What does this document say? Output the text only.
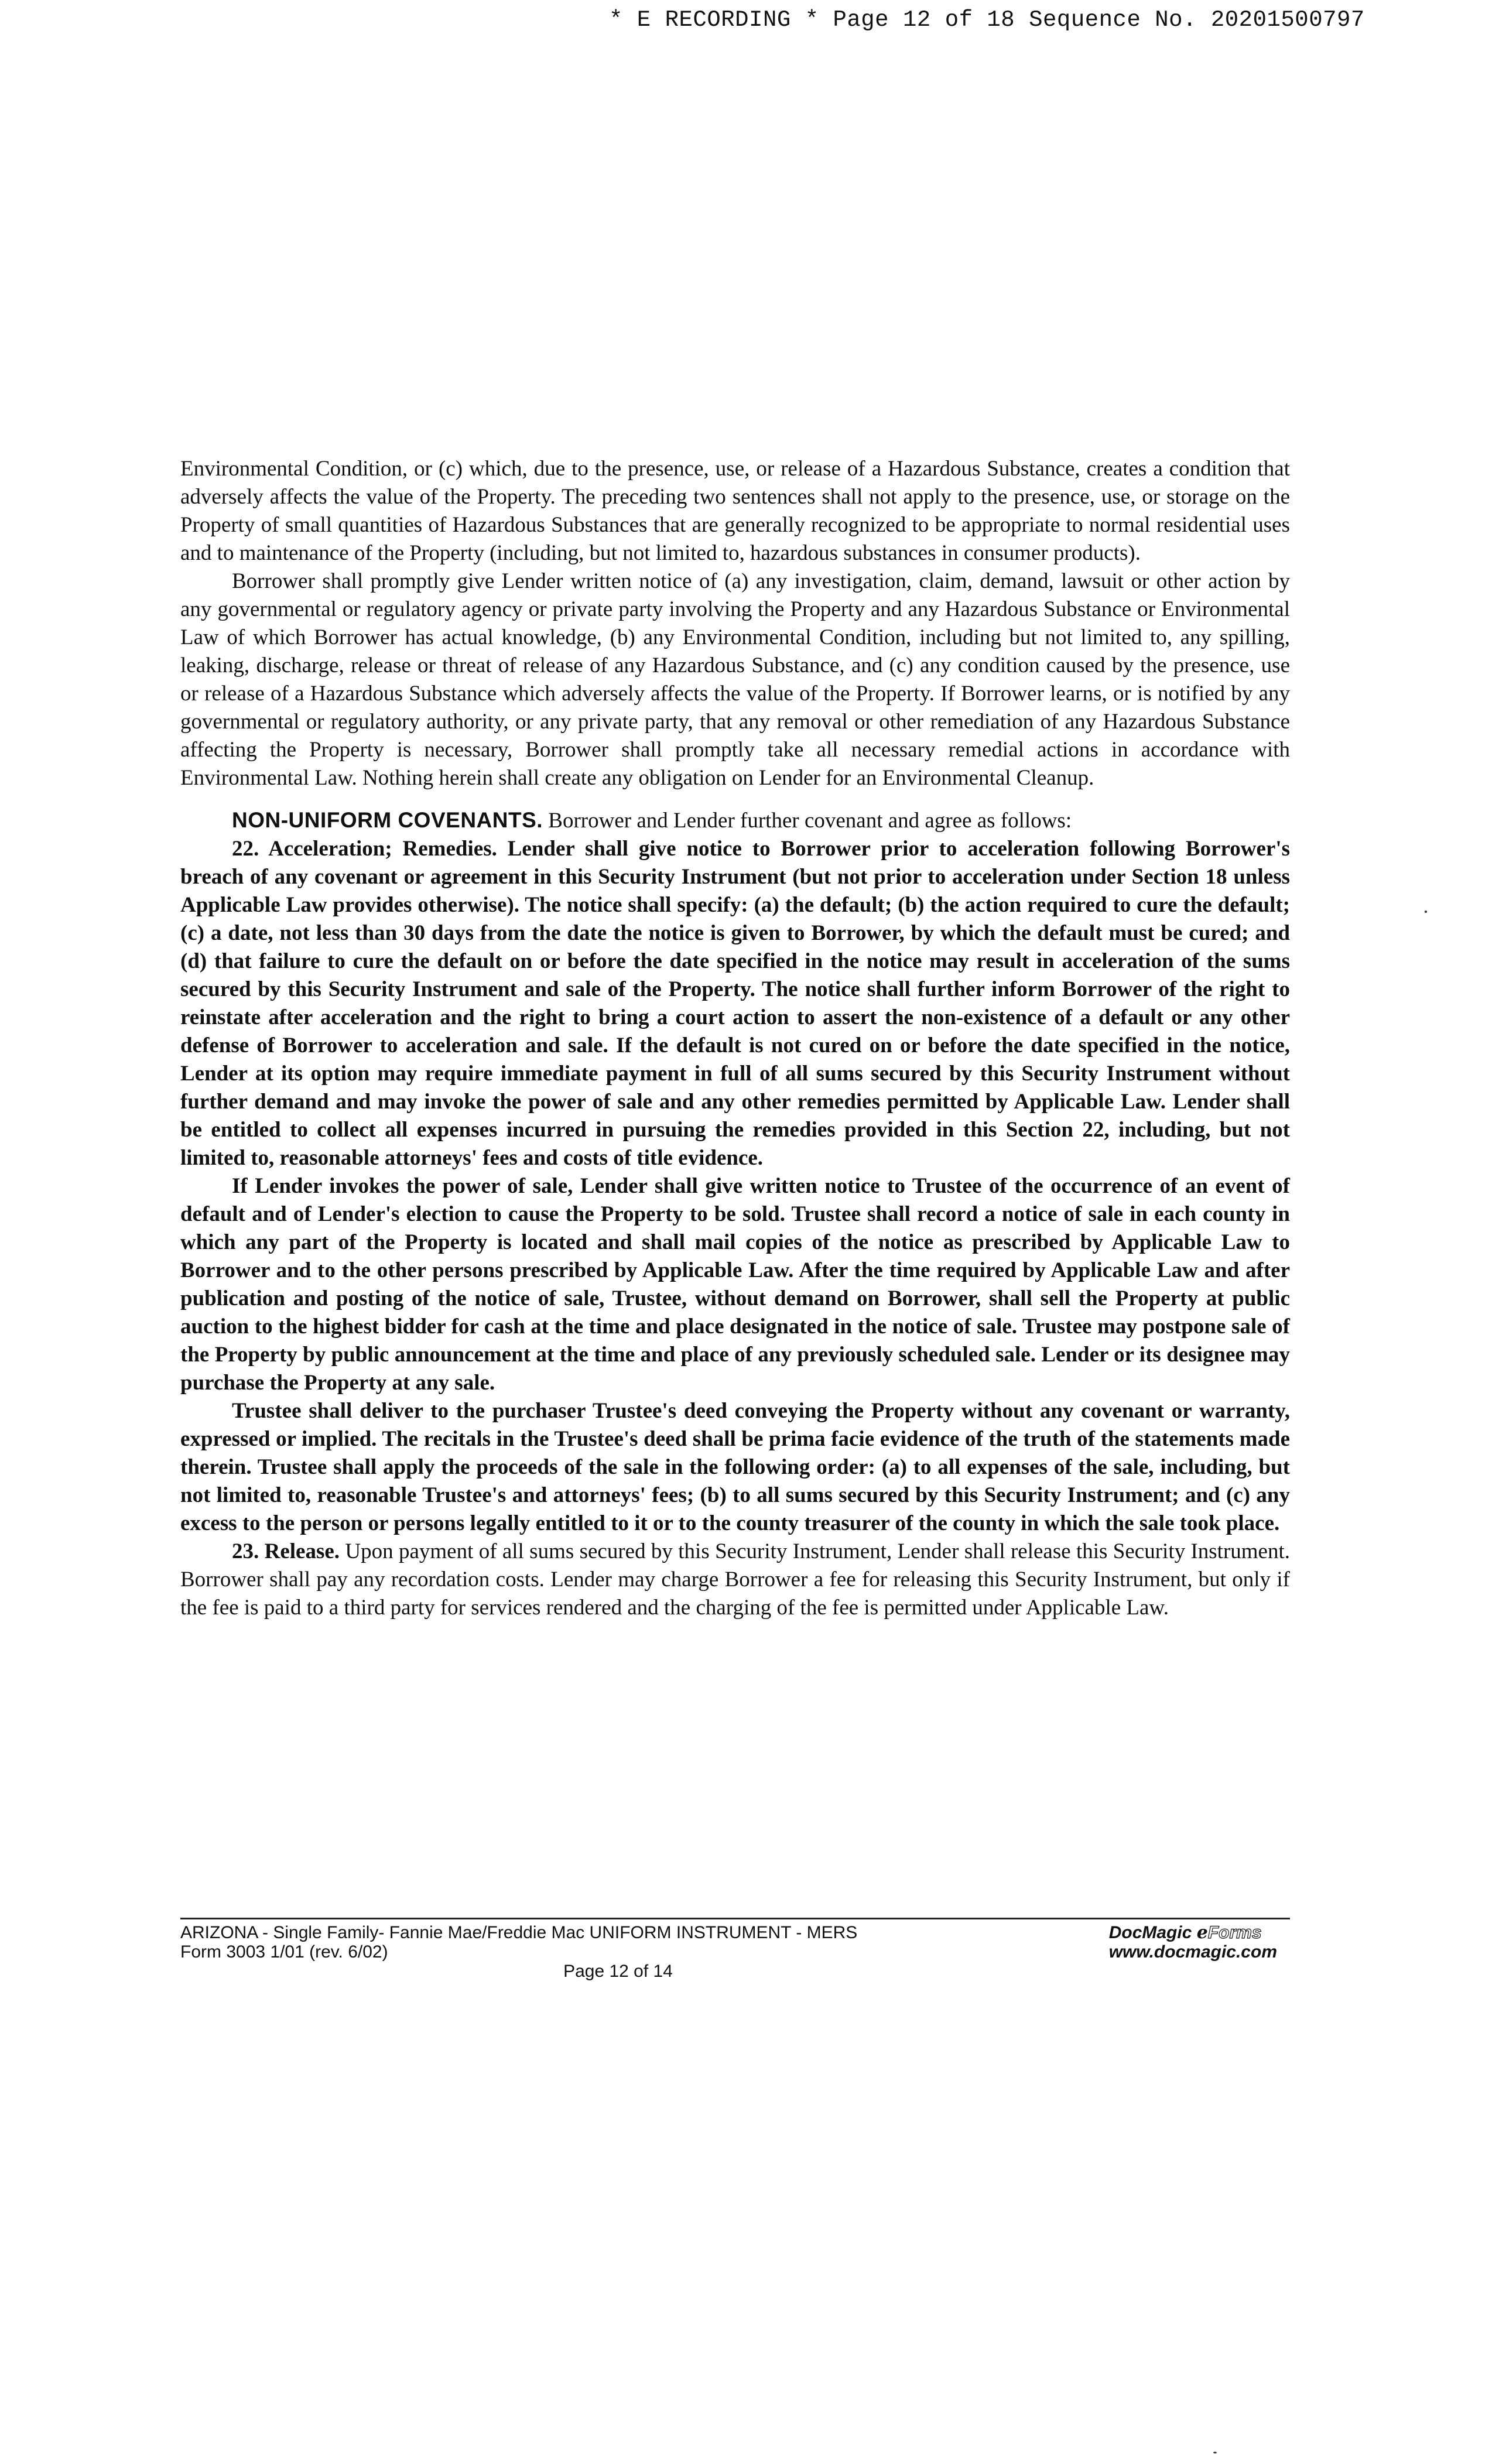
* E RECORDING * Page 12 of 18 Sequence No. 20201500797

Environmental Condition, or (c) which, due to the presence, use, or release of a Hazardous Substance, creates a condition that adversely affects the value of the Property. The preceding two sentences shall not apply to the presence, use, or storage on the Property of small quantities of Hazardous Substances that are generally recognized to be appropriate to normal residential uses and to maintenance of the Property (including, but not limited to, hazardous substances in consumer products).

Borrower shall promptly give Lender written notice of (a) any investigation, claim, demand, lawsuit or other action by any governmental or regulatory agency or private party involving the Property and any Hazardous Substance or Environmental Law of which Borrower has actual knowledge, (b) any Environmental Condition, including but not limited to, any spilling, leaking, discharge, release or threat of release of any Hazardous Substance, and (c) any condition caused by the presence, use or release of a Hazardous Substance which adversely affects the value of the Property. If Borrower learns, or is notified by any governmental or regulatory authority, or any private party, that any removal or other remediation of any Hazardous Substance affecting the Property is necessary, Borrower shall promptly take all necessary remedial actions in accordance with Environmental Law. Nothing herein shall create any obligation on Lender for an Environmental Cleanup.

NON-UNIFORM COVENANTS. Borrower and Lender further covenant and agree as follows:

22. Acceleration; Remedies. Lender shall give notice to Borrower prior to acceleration following Borrower's breach of any covenant or agreement in this Security Instrument (but not prior to acceleration under Section 18 unless Applicable Law provides otherwise). The notice shall specify: (a) the default; (b) the action required to cure the default; (c) a date, not less than 30 days from the date the notice is given to Borrower, by which the default must be cured; and (d) that failure to cure the default on or before the date specified in the notice may result in acceleration of the sums secured by this Security Instrument and sale of the Property. The notice shall further inform Borrower of the right to reinstate after acceleration and the right to bring a court action to assert the non-existence of a default or any other defense of Borrower to acceleration and sale. If the default is not cured on or before the date specified in the notice, Lender at its option may require immediate payment in full of all sums secured by this Security Instrument without further demand and may invoke the power of sale and any other remedies permitted by Applicable Law. Lender shall be entitled to collect all expenses incurred in pursuing the remedies provided in this Section 22, including, but not limited to, reasonable attorneys' fees and costs of title evidence.

If Lender invokes the power of sale, Lender shall give written notice to Trustee of the occurrence of an event of default and of Lender's election to cause the Property to be sold. Trustee shall record a notice of sale in each county in which any part of the Property is located and shall mail copies of the notice as prescribed by Applicable Law to Borrower and to the other persons prescribed by Applicable Law. After the time required by Applicable Law and after publication and posting of the notice of sale, Trustee, without demand on Borrower, shall sell the Property at public auction to the highest bidder for cash at the time and place designated in the notice of sale. Trustee may postpone sale of the Property by public announcement at the time and place of any previously scheduled sale. Lender or its designee may purchase the Property at any sale.

Trustee shall deliver to the purchaser Trustee's deed conveying the Property without any covenant or warranty, expressed or implied. The recitals in the Trustee's deed shall be prima facie evidence of the truth of the statements made therein. Trustee shall apply the proceeds of the sale in the following order: (a) to all expenses of the sale, including, but not limited to, reasonable Trustee's and attorneys' fees; (b) to all sums secured by this Security Instrument; and (c) any excess to the person or persons legally entitled to it or to the county treasurer of the county in which the sale took place.

23. Release. Upon payment of all sums secured by this Security Instrument, Lender shall release this Security Instrument. Borrower shall pay any recordation costs. Lender may charge Borrower a fee for releasing this Security Instrument, but only if the fee is paid to a third party for services rendered and the charging of the fee is permitted under Applicable Law.

ARIZONA - Single Family- Fannie Mae/Freddie Mac UNIFORM INSTRUMENT - MERS
Form 3003 1/01 (rev. 6/02)
Page 12 of 14
DocMagic eForms
www.docmagic.com
